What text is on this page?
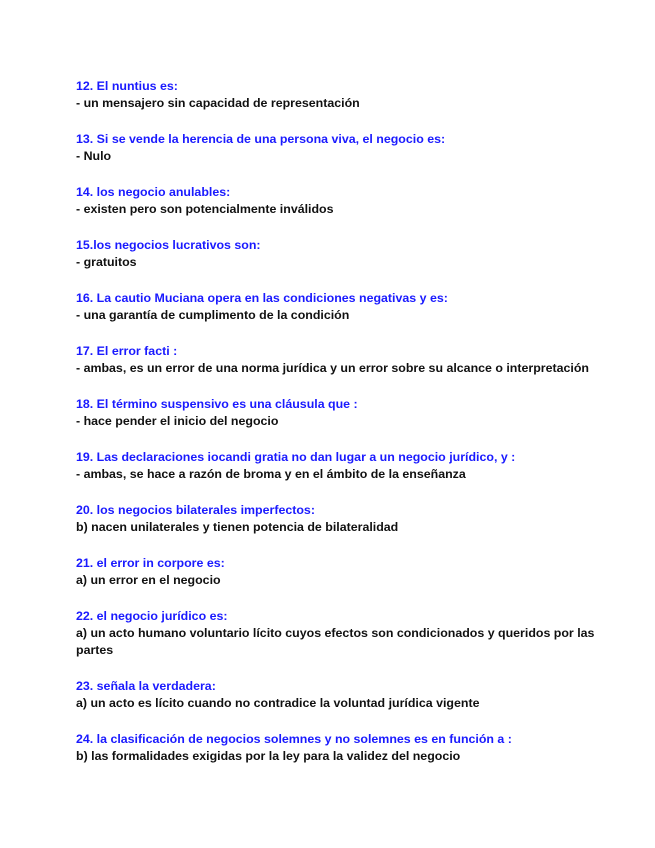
12. El nuntius es:

- un mensajero sin capacidad de representación

13. Si se vende la herencia de una persona viva, el negocio es:

- Nulo

14. los negocio anulables:

- existen pero son potencialmente inválidos

15.los negocios lucrativos son:

- gratuitos

16. La cautio Muciana opera en las condiciones negativas y es:

- una garantía de cumplimento de la condición

17. El error facti :

- ambas, es un error de una norma jurídica y un error sobre su alcance o interpretación

18. El término suspensivo es una cláusula que :

- hace pender el inicio del negocio

19. Las declaraciones iocandi gratia no dan lugar a un negocio jurídico, y :

- ambas, se hace a razón de broma y en el ámbito de la enseñanza

20. los negocios bilaterales imperfectos:

b) nacen unilaterales y tienen potencia de bilateralidad

21. el error in corpore es:

a) un error en el negocio

22. el negocio jurídico es:

a) un acto humano voluntario lícito cuyos efectos son condicionados y queridos por las partes

23. señala la verdadera:

a) un acto es lícito cuando no contradice la voluntad jurídica vigente

24. la clasificación de negocios solemnes y no solemnes es en función a :

b) las formalidades exigidas por la ley para la validez del negocio
